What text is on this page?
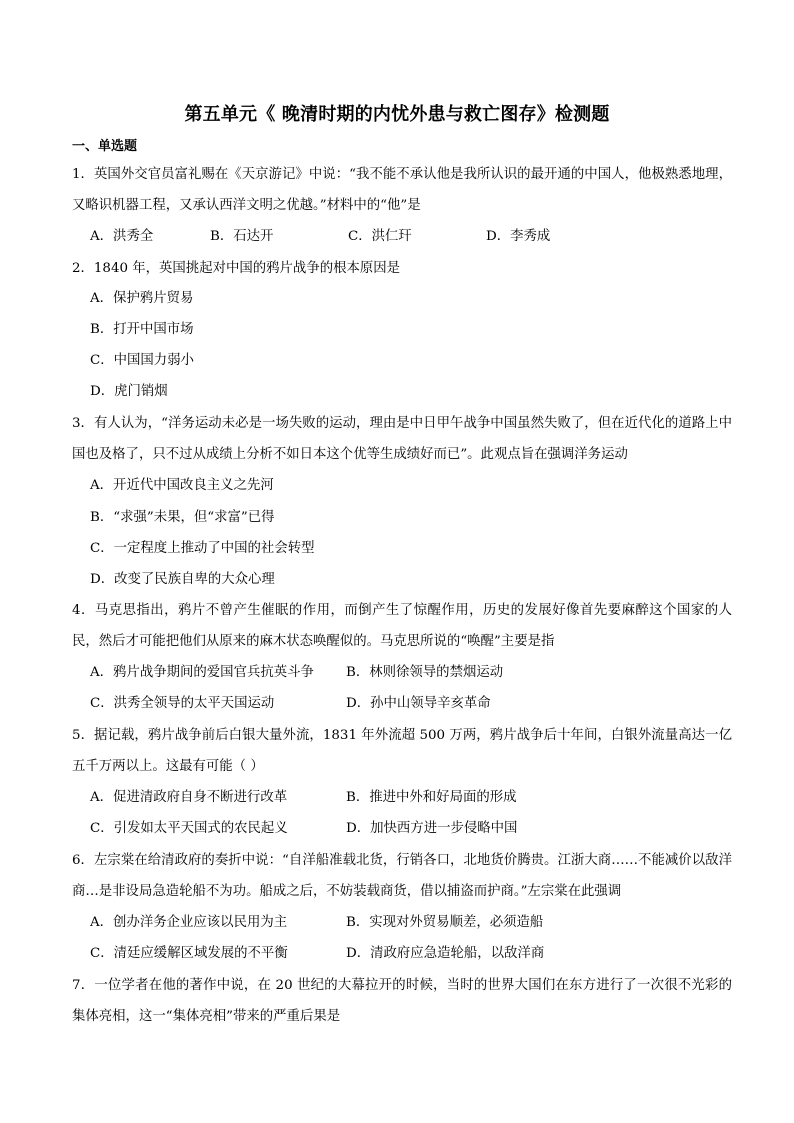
第五单元《 晚清时期的内忧外患与救亡图存》检测题
一、单选题
1．英国外交官员富礼赐在《天京游记》中说：“我不能不承认他是我所认识的最开通的中国人，他极熟悉地理，又略识机器工程，又承认西洋文明之优越。”材料中的“他”是
A．洪秀全	B．石达开	C．洪仁玕	D．李秀成
2．1840 年，英国挑起对中国的鸦片战争的根本原因是
A．保护鸦片贸易
B．打开中国市场
C．中国国力弱小
D．虎门销烟
3．有人认为，“洋务运动未必是一场失败的运动，理由是中日甲午战争中国虽然失败了，但在近代化的道路上中国也及格了，只不过从成绩上分析不如日本这个优等生成绩好而已”。此观点旨在强调洋务运动
A．开近代中国改良主义之先河
B．“求强”未果，但“求富”已得
C．一定程度上推动了中国的社会转型
D．改变了民族自卑的大众心理
4．马克思指出，鸦片不曾产生催眠的作用，而倒产生了惊醒作用，历史的发展好像首先要麻醉这个国家的人民，然后才可能把他们从原来的麻木状态唤醒似的。马克思所说的“唤醒”主要是指
A．鸦片战争期间的爱国官兵抗英斗争 B．林则徐领导的禁烟运动
C．洪秀全领导的太平天国运动	D．孙中山领导辛亥革命
5．据记载，鸦片战争前后白银大量外流，1831 年外流超 500 万两，鸦片战争后十年间，白银外流量高达一亿五千万两以上。这最有可能（ ）
A．促进清政府自身不断进行改革	B．推进中外和好局面的形成
C．引发如太平天国式的农民起义	D．加快西方进一步侵略中国
6．左宗棠在给清政府的奏折中说：“自洋船准载北货，行销各口，北地货价腾贵。江浙大商……不能减价以敌洋商…是非设局急造轮船不为功。船成之后，不妨装载商货，借以捕盗而护商。”左宗棠在此强调
A．创办洋务企业应该以民用为主	B．实现对外贸易顺差，必须造船
C．清廷应缓解区域发展的不平衡	D．清政府应急造轮船，以敌洋商
7．一位学者在他的著作中说，在 20 世纪的大幕拉开的时候，当时的世界大国们在东方进行了一次很不光彩的集体亮相，这一“集体亮相”带来的严重后果是
